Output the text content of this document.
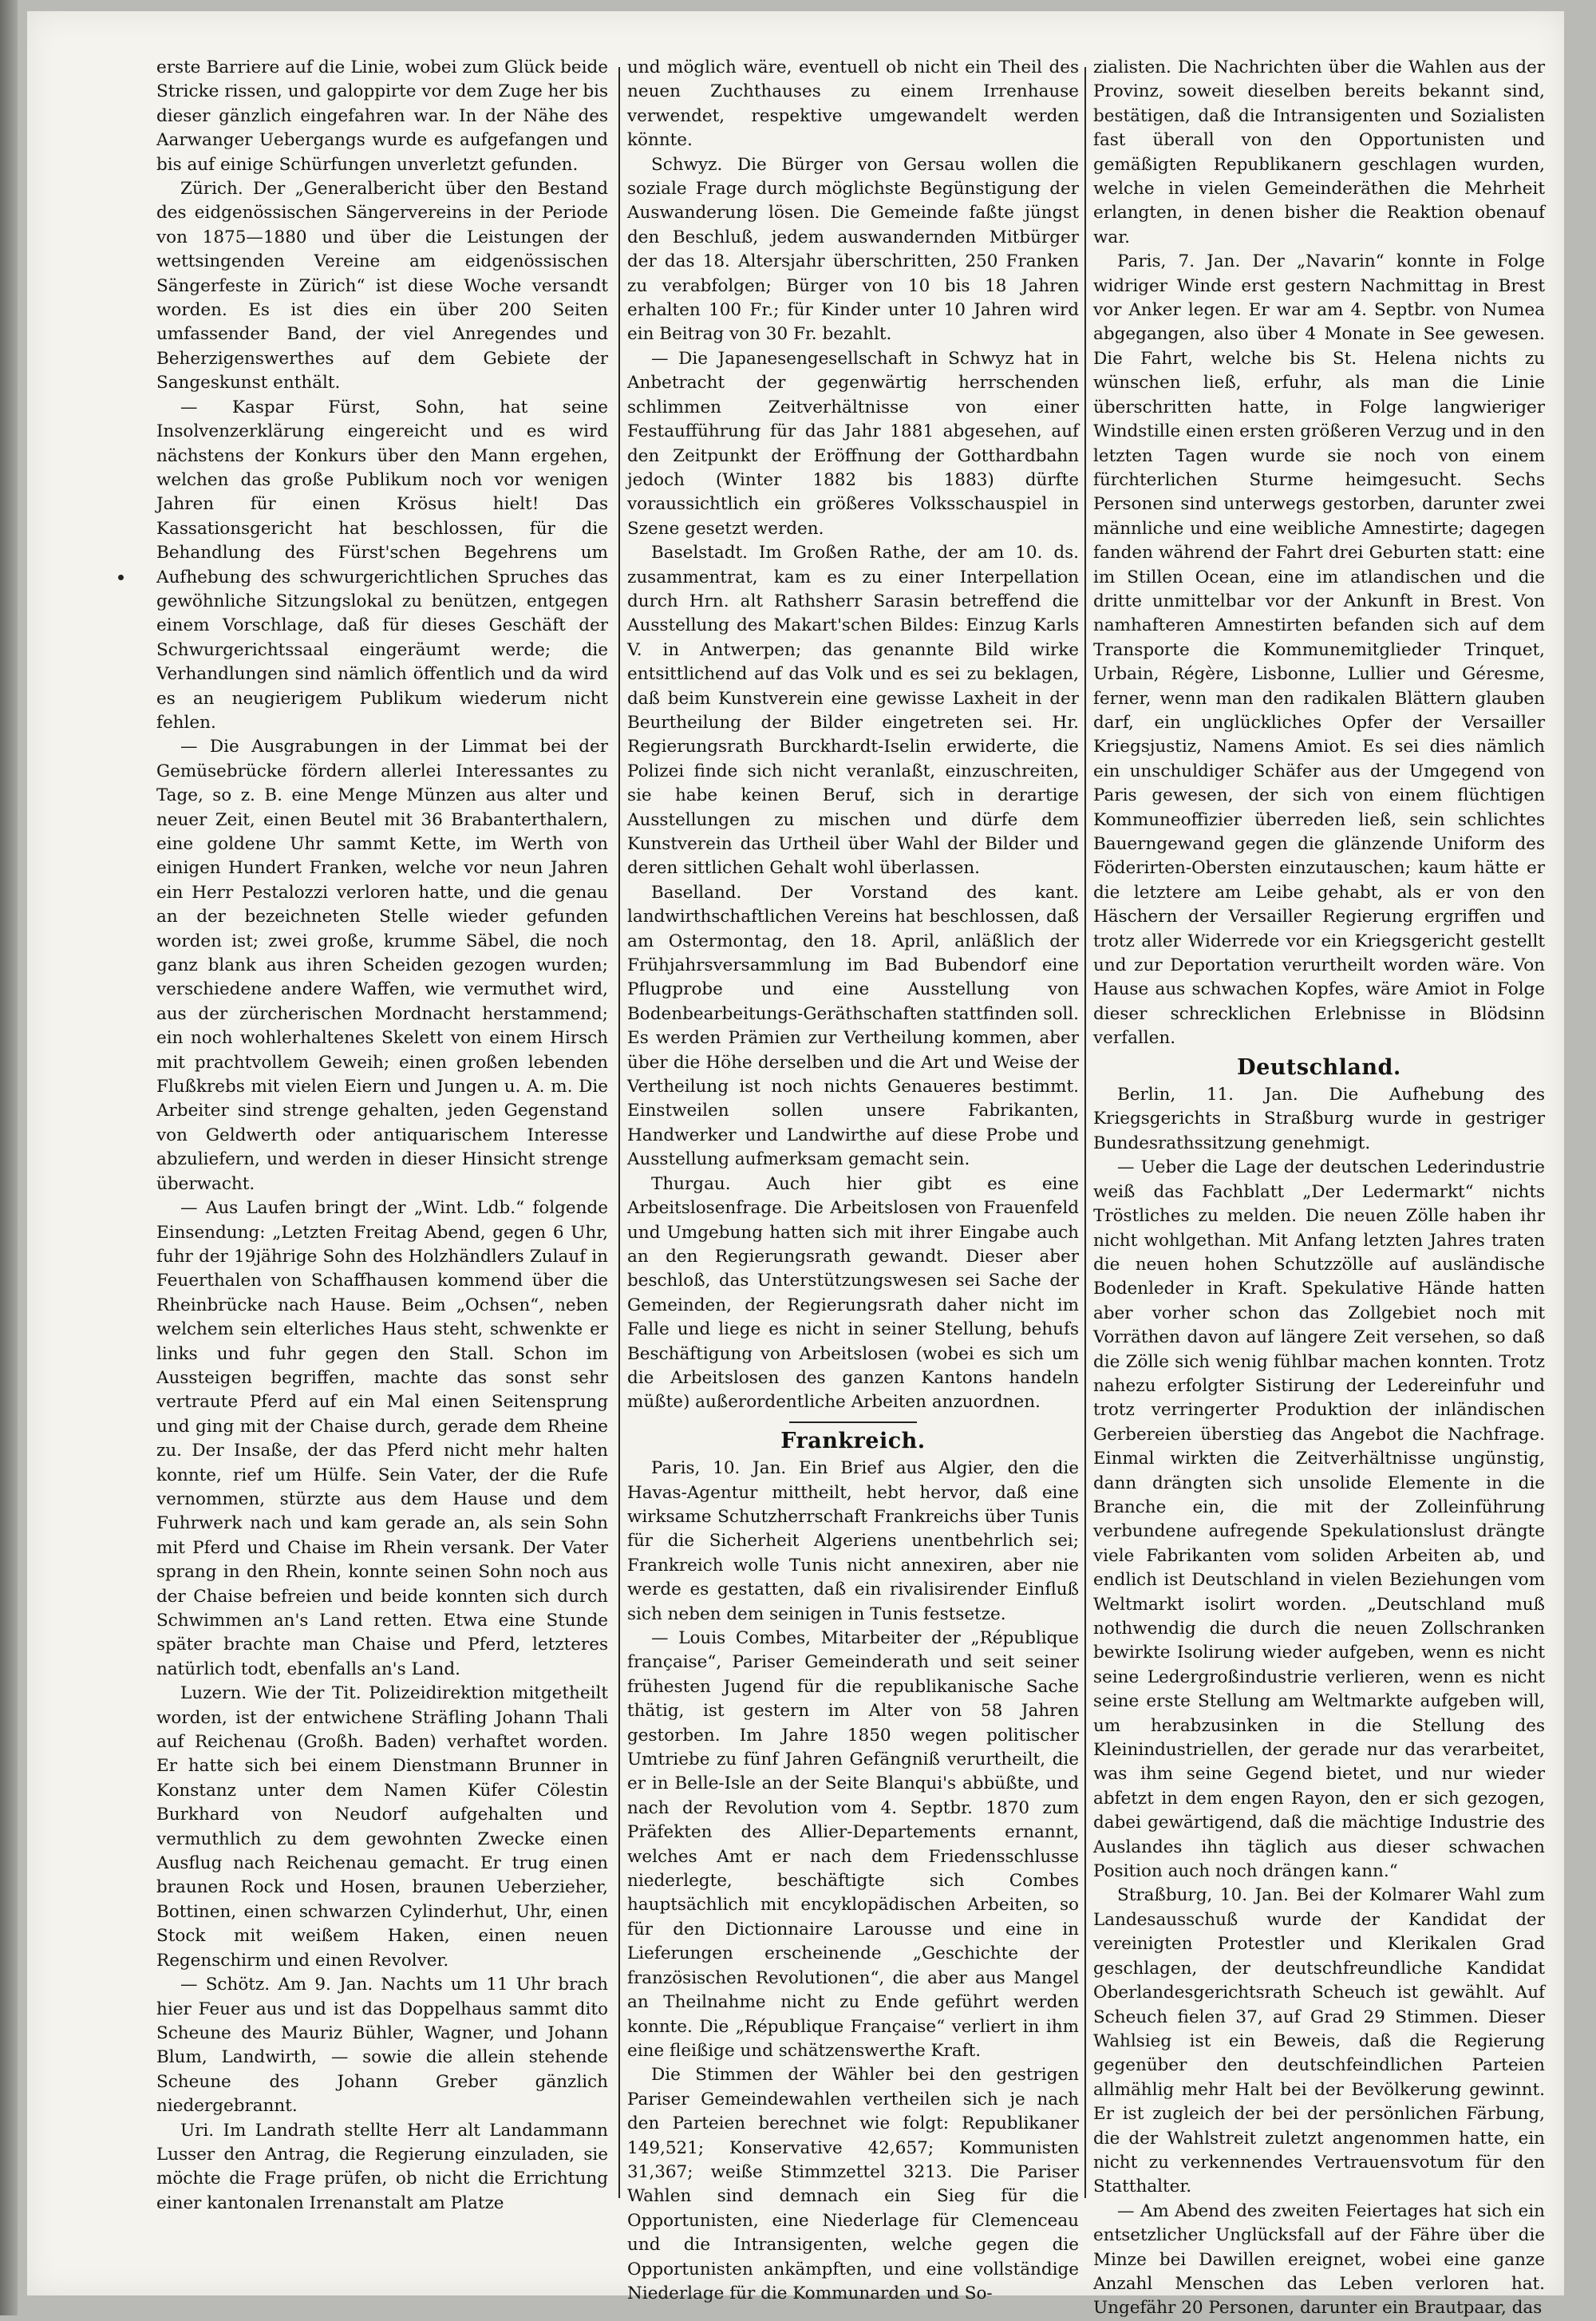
erste Barriere auf die Linie, wobei zum Glück beide Stricke rissen, und galoppirte vor dem Zuge her bis dieser gänzlich eingefahren war. In der Nähe des Aarwanger Uebergangs wurde es aufgefangen und bis auf einige Schürfungen unverletzt gefunden.

Zürich. Der „Generalbericht über den Bestand des eidgenössischen Sängervereins in der Periode von 1875—1880 und über die Leistungen der wettsingenden Vereine am eidgenössischen Sängerfeste in Zürich“ ist diese Woche versandt worden. Es ist dies ein über 200 Seiten umfassender Band, der viel Anregendes und Beherzigenswerthes auf dem Gebiete der Sangeskunst enthält.

— Kaspar Fürst, Sohn, hat seine Insolvenzerklärung eingereicht und es wird nächstens der Konkurs über den Mann ergehen, welchen das große Publikum noch vor wenigen Jahren für einen Krösus hielt! Das Kassationsgericht hat beschlossen, für die Behandlung des Fürst'schen Begehrens um Aufhebung des schwurgerichtlichen Spruches das gewöhnliche Sitzungslokal zu benützen, entgegen einem Vorschlage, daß für dieses Geschäft der Schwurgerichtssaal eingeräumt werde; die Verhandlungen sind nämlich öffentlich und da wird es an neugierigem Publikum wiederum nicht fehlen.

— Die Ausgrabungen in der Limmat bei der Gemüsebrücke fördern allerlei Interessantes zu Tage, so z. B. eine Menge Münzen aus alter und neuer Zeit, einen Beutel mit 36 Brabanterthalern, eine goldene Uhr sammt Kette, im Werth von einigen Hundert Franken, welche vor neun Jahren ein Herr Pestalozzi verloren hatte, und die genau an der bezeichneten Stelle wieder gefunden worden ist; zwei große, krumme Säbel, die noch ganz blank aus ihren Scheiden gezogen wurden; verschiedene andere Waffen, wie vermuthet wird, aus der zürcherischen Mordnacht herstammend; ein noch wohlerhaltenes Skelett von einem Hirsch mit prachtvollem Geweih; einen großen lebenden Flußkrebs mit vielen Eiern und Jungen u. A. m. Die Arbeiter sind strenge gehalten, jeden Gegenstand von Geldwerth oder antiquarischem Interesse abzuliefern, und werden in dieser Hinsicht strenge überwacht.

— Aus Laufen bringt der „Wint. Ldb.“ folgende Einsendung: „Letzten Freitag Abend, gegen 6 Uhr, fuhr der 19jährige Sohn des Holzhändlers Zulauf in Feuerthalen von Schaffhausen kommend über die Rheinbrücke nach Hause. Beim „Ochsen“, neben welchem sein elterliches Haus steht, schwenkte er links und fuhr gegen den Stall. Schon im Aussteigen begriffen, machte das sonst sehr vertraute Pferd auf ein Mal einen Seitensprung und ging mit der Chaise durch, gerade dem Rheine zu. Der Insaße, der das Pferd nicht mehr halten konnte, rief um Hülfe. Sein Vater, der die Rufe vernommen, stürzte aus dem Hause und dem Fuhrwerk nach und kam gerade an, als sein Sohn mit Pferd und Chaise im Rhein versank. Der Vater sprang in den Rhein, konnte seinen Sohn noch aus der Chaise befreien und beide konnten sich durch Schwimmen an's Land retten. Etwa eine Stunde später brachte man Chaise und Pferd, letzteres natürlich todt, ebenfalls an's Land.

Luzern. Wie der Tit. Polizeidirektion mitgetheilt worden, ist der entwichene Sträfling Johann Thali auf Reichenau (Großh. Baden) verhaftet worden. Er hatte sich bei einem Dienstmann Brunner in Konstanz unter dem Namen Küfer Cölestin Burkhard von Neudorf aufgehalten und vermuthlich zu dem gewohnten Zwecke einen Ausflug nach Reichenau gemacht. Er trug einen braunen Rock und Hosen, braunen Ueberzieher, Bottinen, einen schwarzen Cylinderhut, Uhr, einen Stock mit weißem Haken, einen neuen Regenschirm und einen Revolver.

— Schötz. Am 9. Jan. Nachts um 11 Uhr brach hier Feuer aus und ist das Doppelhaus sammt dito Scheune des Mauriz Bühler, Wagner, und Johann Blum, Landwirth, — sowie die allein stehende Scheune des Johann Greber gänzlich niedergebrannt.

Uri. Im Landrath stellte Herr alt Landammann Lusser den Antrag, die Regierung einzuladen, sie möchte die Frage prüfen, ob nicht die Errichtung einer kantonalen Irrenanstalt am Platze

und möglich wäre, eventuell ob nicht ein Theil des neuen Zuchthauses zu einem Irrenhause verwendet, respektive umgewandelt werden könnte.

Schwyz. Die Bürger von Gersau wollen die soziale Frage durch möglichste Begünstigung der Auswanderung lösen. Die Gemeinde faßte jüngst den Beschluß, jedem auswandernden Mitbürger der das 18. Altersjahr überschritten, 250 Franken zu verabfolgen; Bürger von 10 bis 18 Jahren erhalten 100 Fr.; für Kinder unter 10 Jahren wird ein Beitrag von 30 Fr. bezahlt.

— Die Japanesengesellschaft in Schwyz hat in Anbetracht der gegenwärtig herrschenden schlimmen Zeitverhältnisse von einer Festaufführung für das Jahr 1881 abgesehen, auf den Zeitpunkt der Eröffnung der Gotthardbahn jedoch (Winter 1882 bis 1883) dürfte voraussichtlich ein größeres Volksschauspiel in Szene gesetzt werden.

Baselstadt. Im Großen Rathe, der am 10. ds. zusammentrat, kam es zu einer Interpellation durch Hrn. alt Rathsherr Sarasin betreffend die Ausstellung des Makart'schen Bildes: Einzug Karls V. in Antwerpen; das genannte Bild wirke entsittlichend auf das Volk und es sei zu beklagen, daß beim Kunstverein eine gewisse Laxheit in der Beurtheilung der Bilder eingetreten sei. Hr. Regierungsrath Burckhardt-Iselin erwiderte, die Polizei finde sich nicht veranlaßt, einzuschreiten, sie habe keinen Beruf, sich in derartige Ausstellungen zu mischen und dürfe dem Kunstverein das Urtheil über Wahl der Bilder und deren sittlichen Gehalt wohl überlassen.

Baselland. Der Vorstand des kant. landwirthschaftlichen Vereins hat beschlossen, daß am Ostermontag, den 18. April, anläßlich der Frühjahrsversammlung im Bad Bubendorf eine Pflugprobe und eine Ausstellung von Bodenbearbeitungs-Geräthschaften stattfinden soll. Es werden Prämien zur Vertheilung kommen, aber über die Höhe derselben und die Art und Weise der Vertheilung ist noch nichts Genaueres bestimmt. Einstweilen sollen unsere Fabrikanten, Handwerker und Landwirthe auf diese Probe und Ausstellung aufmerksam gemacht sein.

Thurgau. Auch hier gibt es eine Arbeitslosenfrage. Die Arbeitslosen von Frauenfeld und Umgebung hatten sich mit ihrer Eingabe auch an den Regierungsrath gewandt. Dieser aber beschloß, das Unterstützungswesen sei Sache der Gemeinden, der Regierungsrath daher nicht im Falle und liege es nicht in seiner Stellung, behufs Beschäftigung von Arbeitslosen (wobei es sich um die Arbeitslosen des ganzen Kantons handeln müßte) außerordentliche Arbeiten anzuordnen.

Frankreich.

Paris, 10. Jan. Ein Brief aus Algier, den die Havas-Agentur mittheilt, hebt hervor, daß eine wirksame Schutzherrschaft Frankreichs über Tunis für die Sicherheit Algeriens unentbehrlich sei; Frankreich wolle Tunis nicht annexiren, aber nie werde es gestatten, daß ein rivalisirender Einfluß sich neben dem seinigen in Tunis festsetze.

— Louis Combes, Mitarbeiter der „République française“, Pariser Gemeinderath und seit seiner frühesten Jugend für die republikanische Sache thätig, ist gestern im Alter von 58 Jahren gestorben. Im Jahre 1850 wegen politischer Umtriebe zu fünf Jahren Gefängniß verurtheilt, die er in Belle-Isle an der Seite Blanqui's abbüßte, und nach der Revolution vom 4. Septbr. 1870 zum Präfekten des Allier-Departements ernannt, welches Amt er nach dem Friedensschlusse niederlegte, beschäftigte sich Combes hauptsächlich mit encyklopädischen Arbeiten, so für den Dictionnaire Larousse und eine in Lieferungen erscheinende „Geschichte der französischen Revolutionen“, die aber aus Mangel an Theilnahme nicht zu Ende geführt werden konnte. Die „République Française“ verliert in ihm eine fleißige und schätzenswerthe Kraft.

Die Stimmen der Wähler bei den gestrigen Pariser Gemeindewahlen vertheilen sich je nach den Parteien berechnet wie folgt: Republikaner 149,521; Konservative 42,657; Kommunisten 31,367; weiße Stimmzettel 3213. Die Pariser Wahlen sind demnach ein Sieg für die Opportunisten, eine Niederlage für Clemenceau und die Intransigenten, welche gegen die Opportunisten ankämpften, und eine vollständige Niederlage für die Kommunarden und So-

zialisten. Die Nachrichten über die Wahlen aus der Provinz, soweit dieselben bereits bekannt sind, bestätigen, daß die Intransigenten und Sozialisten fast überall von den Opportunisten und gemäßigten Republikanern geschlagen wurden, welche in vielen Gemeinderäthen die Mehrheit erlangten, in denen bisher die Reaktion obenauf war.

Paris, 7. Jan. Der „Navarin“ konnte in Folge widriger Winde erst gestern Nachmittag in Brest vor Anker legen. Er war am 4. Septbr. von Numea abgegangen, also über 4 Monate in See gewesen. Die Fahrt, welche bis St. Helena nichts zu wünschen ließ, erfuhr, als man die Linie überschritten hatte, in Folge langwieriger Windstille einen ersten größeren Verzug und in den letzten Tagen wurde sie noch von einem fürchterlichen Sturme heimgesucht. Sechs Personen sind unterwegs gestorben, darunter zwei männliche und eine weibliche Amnestirte; dagegen fanden während der Fahrt drei Geburten statt: eine im Stillen Ocean, eine im atlandischen und die dritte unmittelbar vor der Ankunft in Brest. Von namhafteren Amnestirten befanden sich auf dem Transporte die Kommunemitglieder Trinquet, Urbain, Régère, Lisbonne, Lullier und Géresme, ferner, wenn man den radikalen Blättern glauben darf, ein unglückliches Opfer der Versailler Kriegsjustiz, Namens Amiot. Es sei dies nämlich ein unschuldiger Schäfer aus der Umgegend von Paris gewesen, der sich von einem flüchtigen Kommuneoffizier überreden ließ, sein schlichtes Bauerngewand gegen die glänzende Uniform des Föderirten-Obersten einzutauschen; kaum hätte er die letztere am Leibe gehabt, als er von den Häschern der Versailler Regierung ergriffen und trotz aller Widerrede vor ein Kriegsgericht gestellt und zur Deportation verurtheilt worden wäre. Von Hause aus schwachen Kopfes, wäre Amiot in Folge dieser schrecklichen Erlebnisse in Blödsinn verfallen.

Deutschland.

Berlin, 11. Jan. Die Aufhebung des Kriegsgerichts in Straßburg wurde in gestriger Bundesrathssitzung genehmigt.

— Ueber die Lage der deutschen Lederindustrie weiß das Fachblatt „Der Ledermarkt“ nichts Tröstliches zu melden. Die neuen Zölle haben ihr nicht wohlgethan. Mit Anfang letzten Jahres traten die neuen hohen Schutzzölle auf ausländische Bodenleder in Kraft. Spekulative Hände hatten aber vorher schon das Zollgebiet noch mit Vorräthen davon auf längere Zeit versehen, so daß die Zölle sich wenig fühlbar machen konnten. Trotz nahezu erfolgter Sistirung der Ledereinfuhr und trotz verringerter Produktion der inländischen Gerbereien überstieg das Angebot die Nachfrage. Einmal wirkten die Zeitverhältnisse ungünstig, dann drängten sich unsolide Elemente in die Branche ein, die mit der Zolleinführung verbundene aufregende Spekulationslust drängte viele Fabrikanten vom soliden Arbeiten ab, und endlich ist Deutschland in vielen Beziehungen vom Weltmarkt isolirt worden. „Deutschland muß nothwendig die durch die neuen Zollschranken bewirkte Isolirung wieder aufgeben, wenn es nicht seine Ledergroßindustrie verlieren, wenn es nicht seine erste Stellung am Weltmarkte aufgeben will, um herabzusinken in die Stellung des Kleinindustriellen, der gerade nur das verarbeitet, was ihm seine Gegend bietet, und nur wieder abfetzt in dem engen Rayon, den er sich gezogen, dabei gewärtigend, daß die mächtige Industrie des Auslandes ihn täglich aus dieser schwachen Position auch noch drängen kann.“

Straßburg, 10. Jan. Bei der Kolmarer Wahl zum Landesausschuß wurde der Kandidat der vereinigten Protestler und Klerikalen Grad geschlagen, der deutschfreundliche Kandidat Oberlandesgerichtsrath Scheuch ist gewählt. Auf Scheuch fielen 37, auf Grad 29 Stimmen. Dieser Wahlsieg ist ein Beweis, daß die Regierung gegenüber den deutschfeindlichen Parteien allmählig mehr Halt bei der Bevölkerung gewinnt. Er ist zugleich der bei der persönlichen Färbung, die der Wahlstreit zuletzt angenommen hatte, ein nicht zu verkennendes Vertrauensvotum für den Statthalter.

— Am Abend des zweiten Feiertages hat sich ein entsetzlicher Unglücksfall auf der Fähre über die Minze bei Dawillen ereignet, wobei eine ganze Anzahl Menschen das Leben verloren hat. Ungefähr 20 Personen, darunter ein Brautpaar, das
